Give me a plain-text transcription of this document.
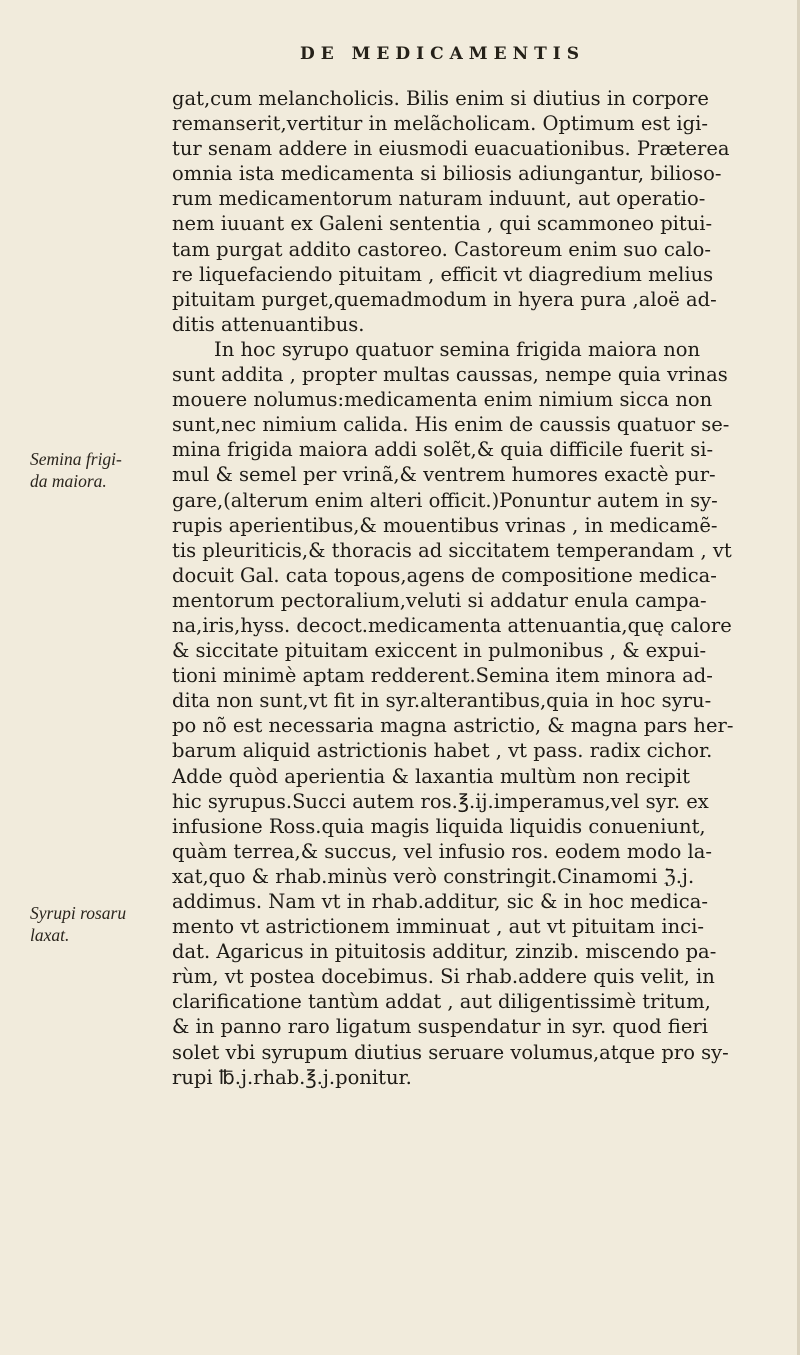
DE MEDICAMENTIS
Semina frigi-
da maiora.
Syrupi rosaru
laxat.
gat,cum melancholicis. Bilis enim si diutius in corpore
remanserit,vertitur in melãcholicam. Optimum est igi-
tur senam addere in eiusmodi euacuationibus. Præterea
omnia ista medicamenta si biliosis adiungantur, bilioso-
rum medicamentorum naturam induunt, aut operatio-
nem iuuant ex Galeni sententia , qui scammoneo pitui-
tam purgat addito castoreo. Castoreum enim suo calo-
re liquefaciendo pituitam , efficit vt diagredium melius
pituitam purget,quemadmodum in hyera pura ,aloë ad-
ditis attenuantibus.
In hoc syrupo quatuor semina frigida maiora non
sunt addita , propter multas caussas, nempe quia vrinas
mouere nolumus:medicamenta enim nimium sicca non
sunt,nec nimium calida. His enim de caussis quatuor se-
mina frigida maiora addi solẽt,& quia difficile fuerit si-
mul & semel per vrinã,& ventrem humores exactè pur-
gare,(alterum enim alteri officit.)Ponuntur autem in sy-
rupis aperientibus,& mouentibus vrinas , in medicamẽ-
tis pleuriticis,& thoracis ad siccitatem temperandam , vt
docuit Gal. cata topous,agens de compositione medica-
mentorum pectoralium,veluti si addatur enula campa-
na,iris,hyss. decoct.medicamenta attenuantia,quę calore
& siccitate pituitam exiccent in pulmonibus , & expui-
tioni minimè aptam redderent.Semina item minora ad-
dita non sunt,vt fit in syr.alterantibus,quia in hoc syru-
po nõ est necessaria magna astrictio, & magna pars her-
barum aliquid astrictionis habet , vt pass. radix cichor.
Adde quòd aperientia & laxantia multùm non recipit
hic syrupus.Succi autem ros.℥.ij.imperamus,vel syr. ex
infusione Ross.quia magis liquida liquidis conueniunt,
quàm terrea,& succus, vel infusio ros. eodem modo la-
xat,quo & rhab.minùs verò constringit.Cinamomi ℨ.j.
addimus. Nam vt in rhab.additur, sic & in hoc medica-
mento vt astrictionem imminuat , aut vt pituitam inci-
dat. Agaricus in pituitosis additur, zinzib. miscendo pa-
rùm, vt postea docebimus. Si rhab.addere quis velit, in
clarificatione tantùm addat , aut diligentissimè tritum,
& in panno raro ligatum suspendatur in syr. quod fieri
solet vbi syrupum diutius seruare volumus,atque pro sy-
rupi ℔.j.rhab.℥.j.ponitur.
